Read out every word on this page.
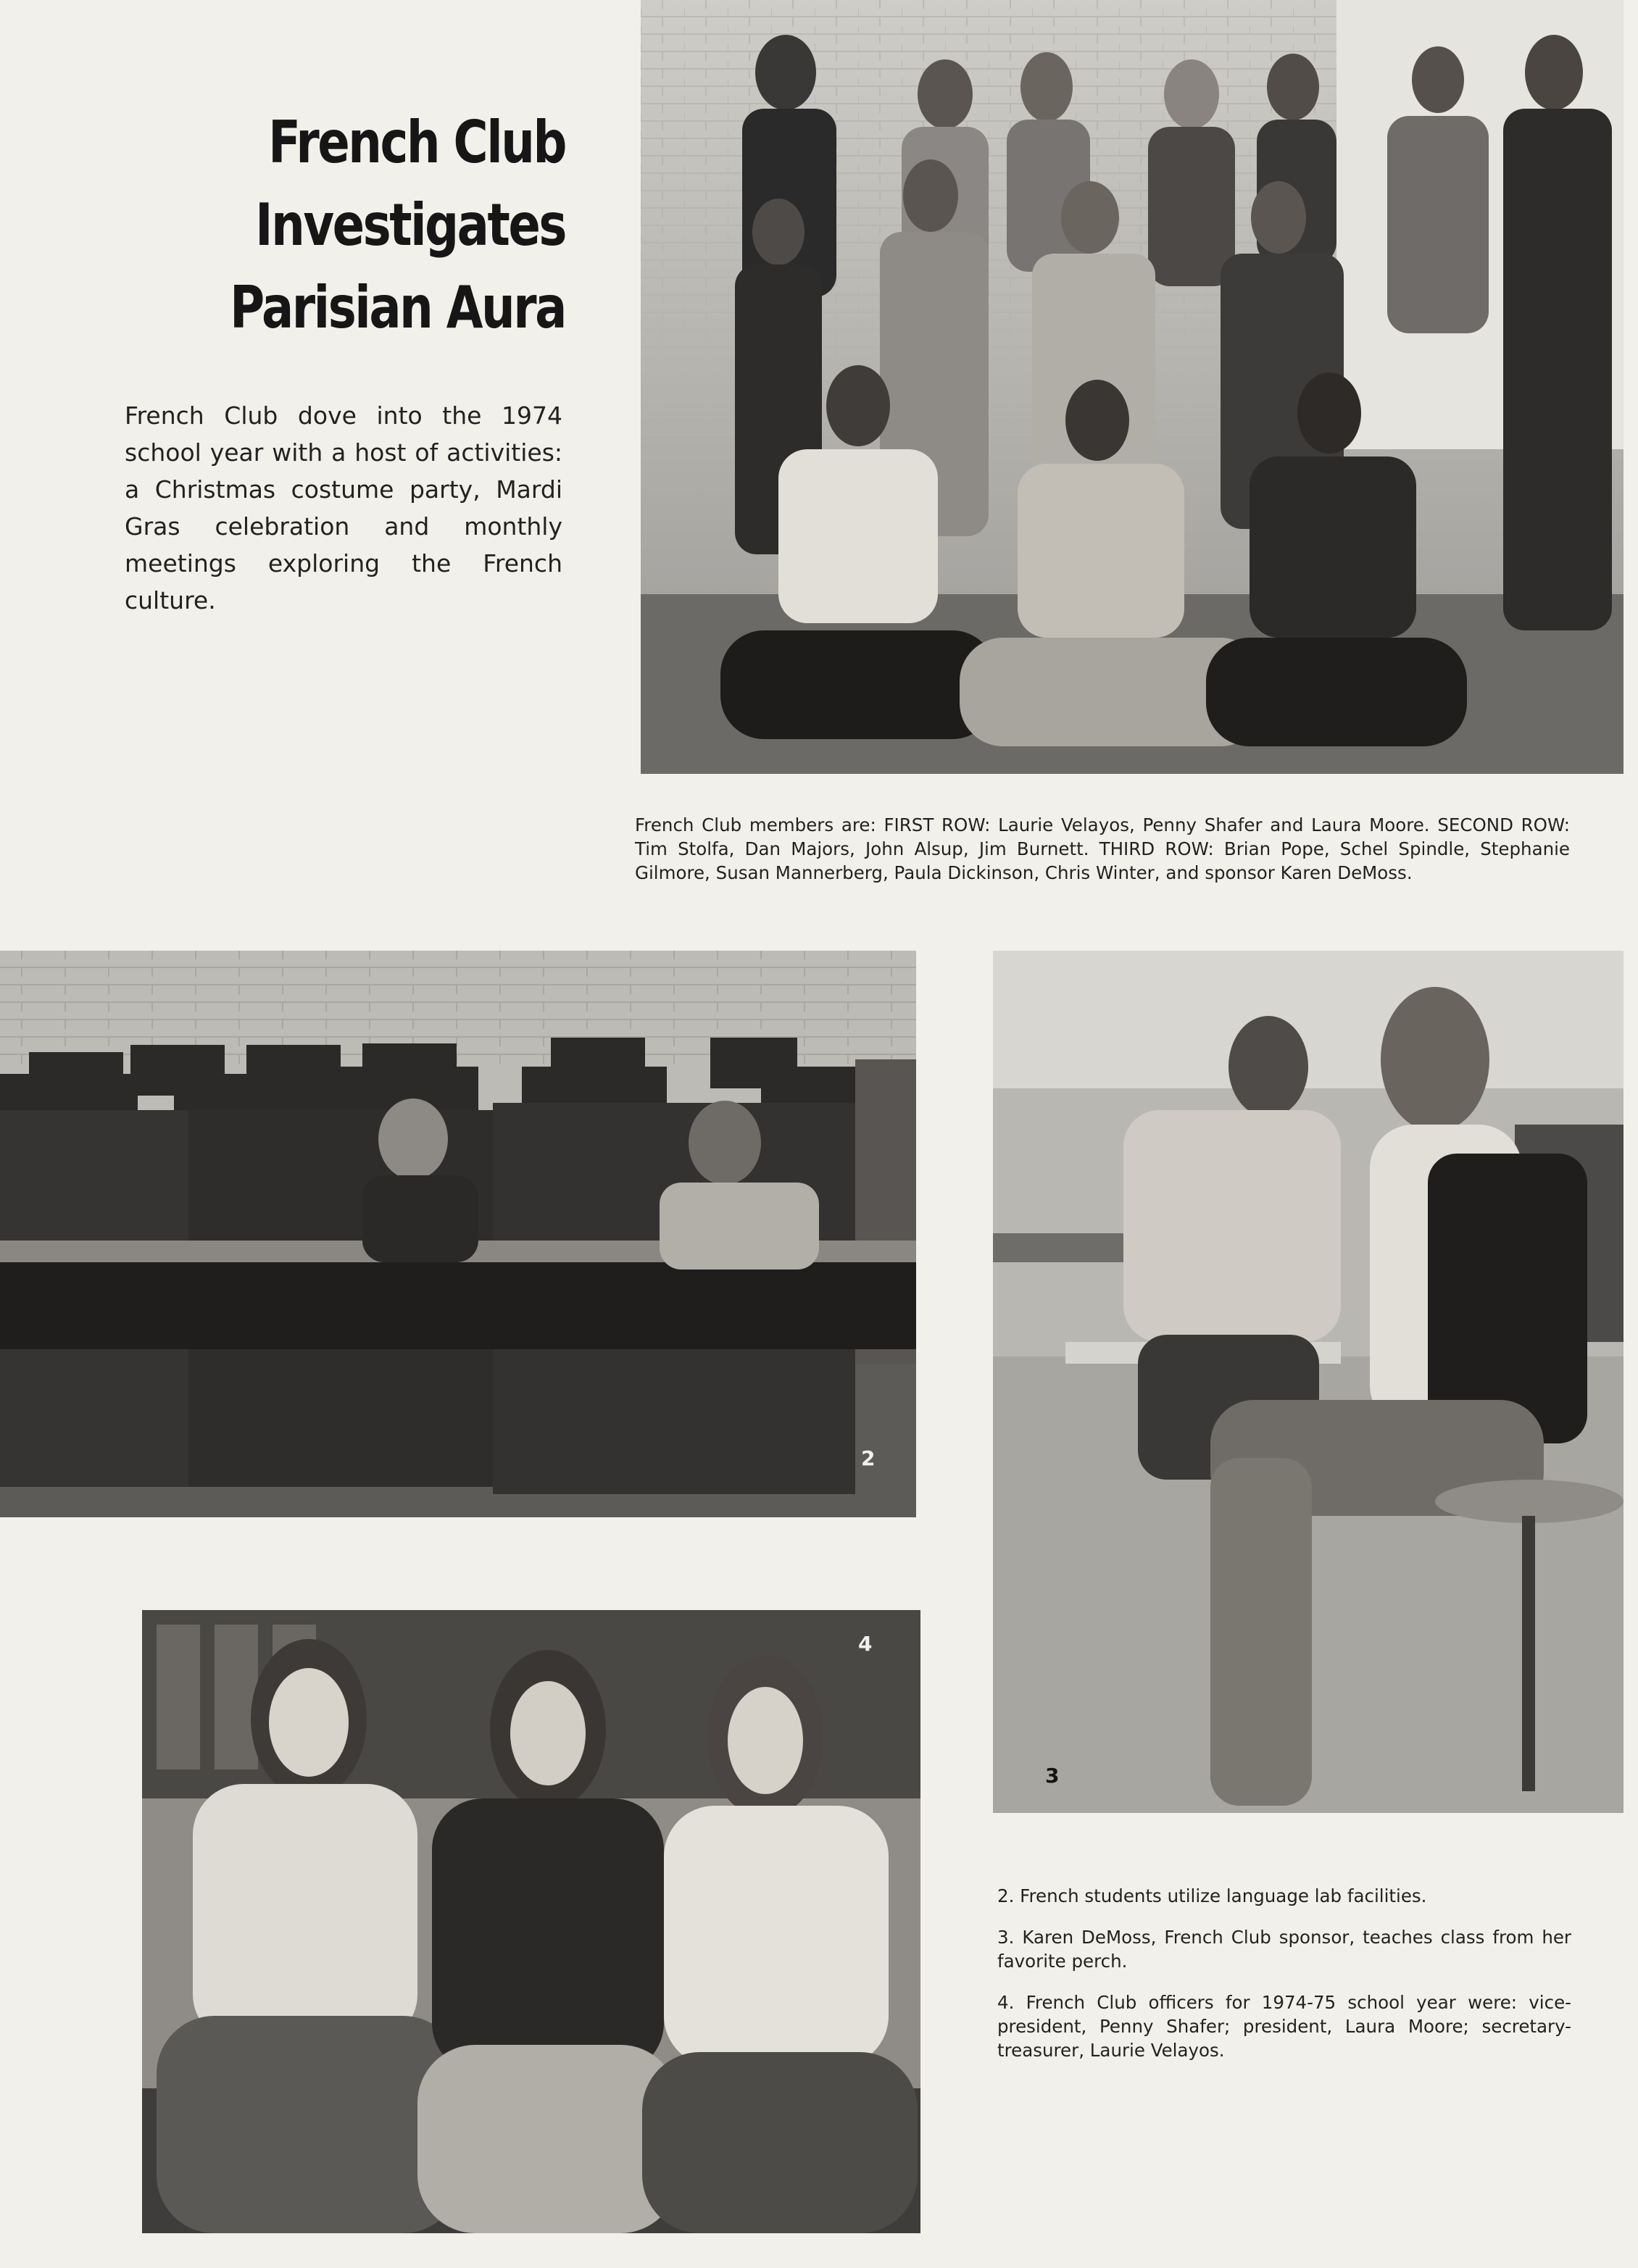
French Club
Investigates
Parisian Aura
French Club dove into the 1974 school year with a host of activities: a Christmas costume party, Mardi Gras celebration and monthly meetings exploring the French culture.
French Club members are: FIRST ROW: Laurie Velayos, Penny Shafer and Laura Moore. SECOND ROW: Tim Stolfa, Dan Majors, John Alsup, Jim Burnett. THIRD ROW: Brian Pope, Schel Spindle, Stephanie Gilmore, Susan Mannerberg, Paula Dickinson, Chris Winter, and sponsor Karen DeMoss.
2
3
4

2. French students utilize language lab facilities.

3. Karen DeMoss, French Club sponsor, teaches class from her favorite perch.

4. French Club officers for 1974-75 school year were: vice-president, Penny Shafer; president, Laura Moore; secretary-treasurer, Laurie Velayos.
